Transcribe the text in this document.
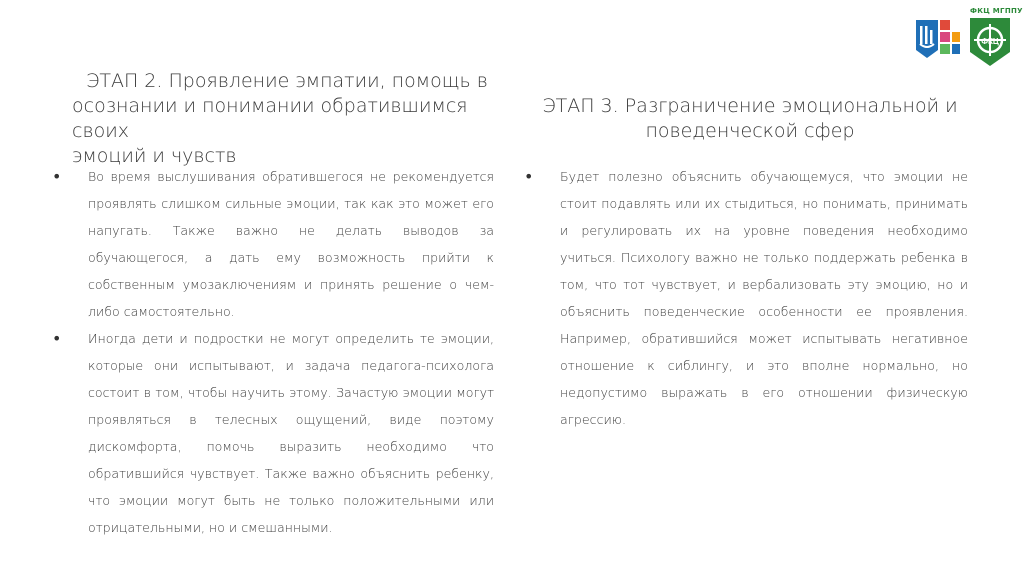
ФКЦ
ФКЦ МГППУ
ЭТАП 2. Проявление эмпатии, помощь в
осознании и понимании обратившимся своих
эмоций и чувств
ЭТАП 3. Разграничение эмоциональной и
поведенческой сфер
• Во время выслушивания обратившегося не рекомендуется проявлять слишком сильные эмоции, так как это может его напугать. Также важно не делать выводов за обучающегося, а дать ему возможность прийти к собственным умозаключениям и принять решение о чем-либо самостоятельно.
• Иногда дети и подростки не могут определить те эмоции, которые они испытывают, и задача педагога-психолога состоит в том, чтобы научить этому. Зачастую эмоции могут проявляться в телесных ощущений, виде поэтому дискомфорта, помочь выразить необходимо что обратившийся чувствует. Также важно объяснить ребенку, что эмоции могут быть не только положительными или отрицательными, но и смешанными.
• Будет полезно объяснить обучающемуся, что эмоции не стоит подавлять или их стыдиться, но понимать, принимать и регулировать их на уровне поведения необходимо учиться. Психологу важно не только поддержать ребенка в том, что тот чувствует, и вербализовать эту эмоцию, но и объяснить поведенческие особенности ее проявления. Например, обратившийся может испытывать негативное отношение к сиблингу, и это вполне нормально, но недопустимо выражать в его отношении физическую агрессию.
